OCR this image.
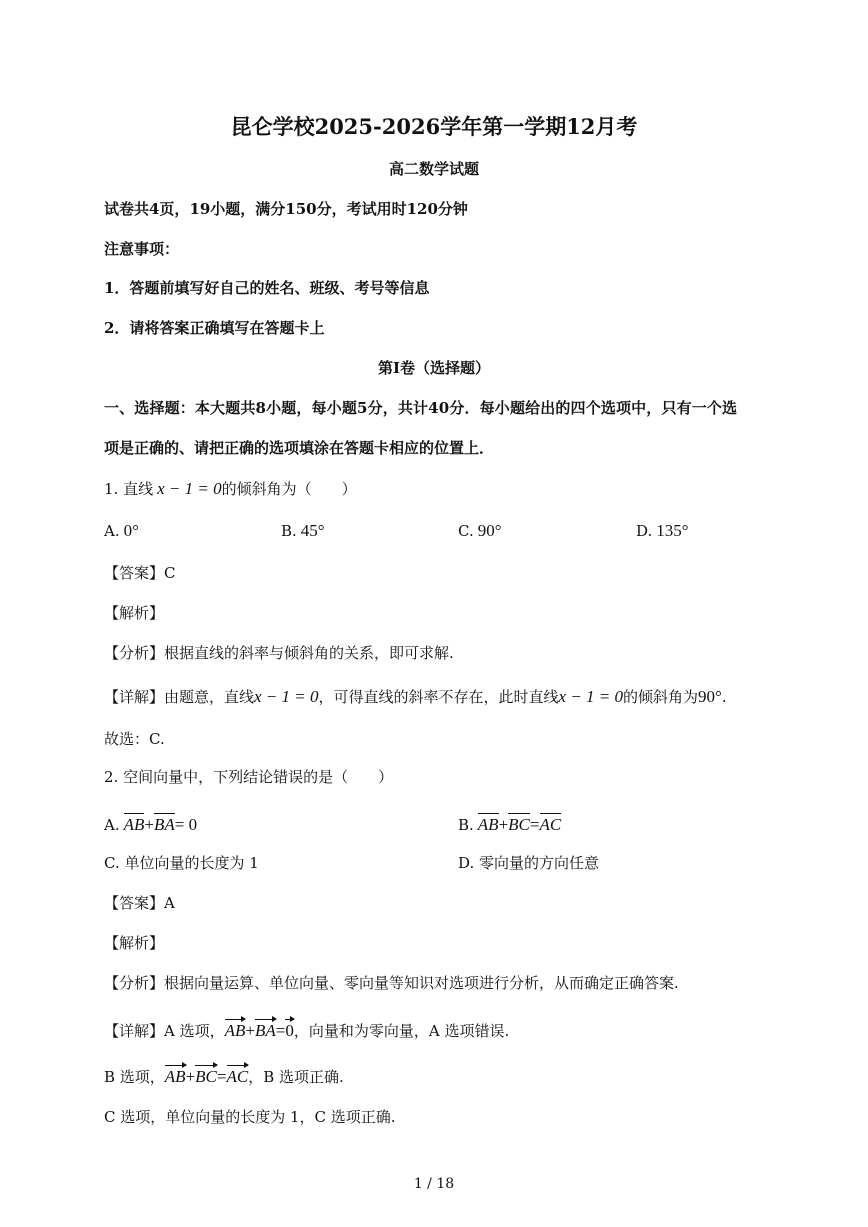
昆仑学校2025-2026学年第一学期12月考
高二数学试题
试卷共4页，19小题，满分150分，考试用时120分钟
注意事项：
1．答题前填写好自己的姓名、班级、考号等信息
2．请将答案正确填写在答题卡上
第I卷（选择题）
一、选择题：本大题共8小题，每小题5分，共计40分．每小题给出的四个选项中，只有一个选
项是正确的、请把正确的选项填涂在答题卡相应的位置上．
1. 直线 x − 1 = 0的倾斜角为（　　）
A. 0°	B. 45°	C. 90°	D. 135°
【答案】C
【解析】
【分析】根据直线的斜率与倾斜角的关系，即可求解.
【详解】由题意，直线x − 1 = 0，可得直线的斜率不存在，此时直线x − 1 = 0的倾斜角为90°.
故选：C.
2. 空间向量中，下列结论错误的是（　　）
A. AB+BA= 0	B. AB+BC=AC
C. 单位向量的长度为 1	D. 零向量的方向任意
【答案】A
【解析】
【分析】根据向量运算、单位向量、零向量等知识对选项进行分析，从而确定正确答案.
【详解】A 选项，AB+BA=0，向量和为零向量，A 选项错误.
B 选项，AB+BC=AC，B 选项正确.
C 选项，单位向量的长度为 1，C 选项正确.
1 / 18
